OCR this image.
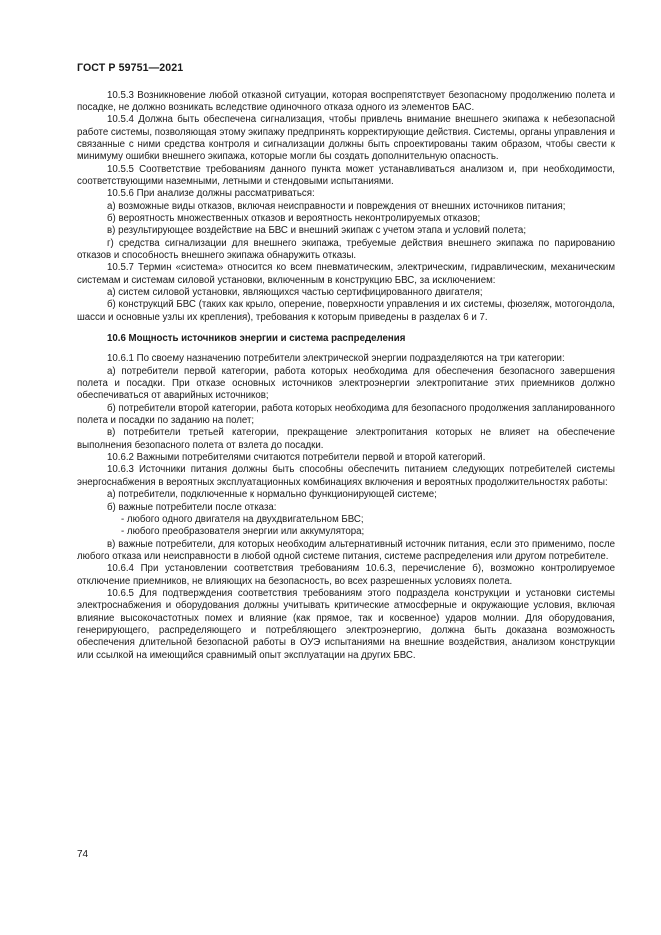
ГОСТ Р 59751—2021

10.5.3 Возникновение любой отказной ситуации, которая воспрепятствует безопасному продолжению полета и посадке, не должно возникать вследствие одиночного отказа одного из элементов БАС.

10.5.4 Должна быть обеспечена сигнализация, чтобы привлечь внимание внешнего экипажа к небезопасной работе системы, позволяющая этому экипажу предпринять корректирующие действия. Системы, органы управления и связанные с ними средства контроля и сигнализации должны быть спроектированы таким образом, чтобы свести к минимуму ошибки внешнего экипажа, которые могли бы создать дополнительную опасность.

10.5.5 Соответствие требованиям данного пункта может устанавливаться анализом и, при необходимости, соответствующими наземными, летными и стендовыми испытаниями.

10.5.6 При анализе должны рассматриваться:

а) возможные виды отказов, включая неисправности и повреждения от внешних источников питания;

б) вероятность множественных отказов и вероятность неконтролируемых отказов;

в) результирующее воздействие на БВС и внешний экипаж с учетом этапа и условий полета;

г) средства сигнализации для внешнего экипажа, требуемые действия внешнего экипажа по парированию отказов и способность внешнего экипажа обнаружить отказы.

10.5.7 Термин «система» относится ко всем пневматическим, электрическим, гидравлическим, механическим системам и системам силовой установки, включенным в конструкцию БВС, за исключением:

а) систем силовой установки, являющихся частью сертифицированного двигателя;

б) конструкций БВС (таких как крыло, оперение, поверхности управления и их системы, фюзеляж, мотогондола, шасси и основные узлы их крепления), требования к которым приведены в разделах 6 и 7.

10.6 Мощность источников энергии и система распределения

10.6.1 По своему назначению потребители электрической энергии подразделяются на три категории:

а) потребители первой категории, работа которых необходима для обеспечения безопасного завершения полета и посадки. При отказе основных источников электроэнергии электропитание этих приемников должно обеспечиваться от аварийных источников;

б) потребители второй категории, работа которых необходима для безопасного продолжения запланированного полета и посадки по заданию на полет;

в) потребители третьей категории, прекращение электропитания которых не влияет на обеспечение выполнения безопасного полета от взлета до посадки.

10.6.2 Важными потребителями считаются потребители первой и второй категорий.

10.6.3 Источники питания должны быть способны обеспечить питанием следующих потребителей системы энергоснабжения в вероятных эксплуатационных комбинациях включения и вероятных продолжительностях работы:

а) потребители, подключенные к нормально функционирующей системе;

б) важные потребители после отказа:

- любого одного двигателя на двухдвигательном БВС;

- любого преобразователя энергии или аккумулятора;

в) важные потребители, для которых необходим альтернативный источник питания, если это применимо, после любого отказа или неисправности в любой одной системе питания, системе распределения или другом потребителе.

10.6.4 При установлении соответствия требованиям 10.6.3, перечисление б), возможно контролируемое отключение приемников, не влияющих на безопасность, во всех разрешенных условиях полета.

10.6.5 Для подтверждения соответствия требованиям этого подраздела конструкции и установки системы электроснабжения и оборудования должны учитывать критические атмосферные и окружающие условия, включая влияние высокочастотных помех и влияние (как прямое, так и косвенное) удаpов молнии. Для оборудования, генерирующего, распределяющего и потребляющего электроэнергию, должна быть доказана возможность обеспечения длительной безопасной работы в ОУЭ испытаниями на внешние воздействия, анализом конструкции или ссылкой на имеющийся сравнимый опыт эксплуатации на других БВС.

74
